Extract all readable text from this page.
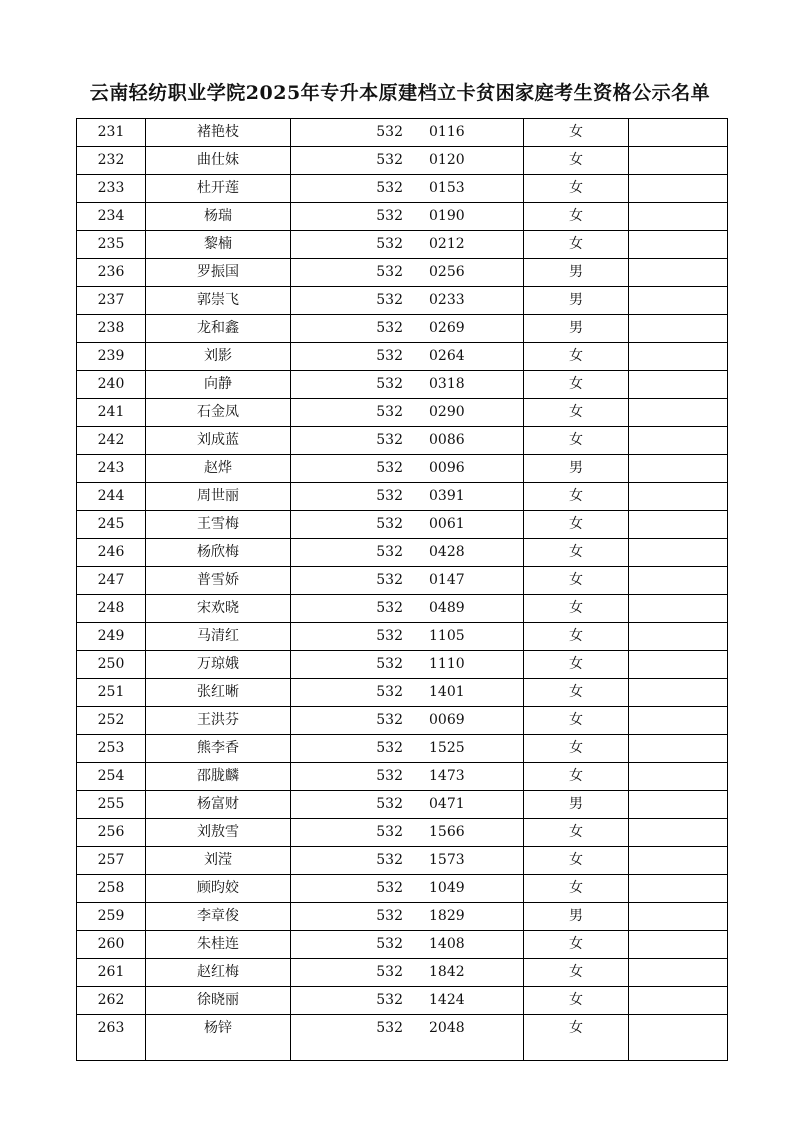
云南轻纺职业学院2025年专升本原建档立卡贫困家庭考生资格公示名单
231	褚艳枝	532 0116	女
232	曲仕妹	532 0120	女
233	杜开莲	532 0153	女
234	杨瑞	532 0190	女
235	黎楠	532 0212	女
236	罗振国	532 0256	男
237	郭崇飞	532 0233	男
238	龙和鑫	532 0269	男
239	刘影	532 0264	女
240	向静	532 0318	女
241	石金凤	532 0290	女
242	刘成蓝	532 0086	女
243	赵烨	532 0096	男
244	周世丽	532 0391	女
245	王雪梅	532 0061	女
246	杨欣梅	532 0428	女
247	普雪娇	532 0147	女
248	宋欢晓	532 0489	女
249	马清红	532 1105	女
250	万琼娥	532 1110	女
251	张红晰	532 1401	女
252	王洪芬	532 0069	女
253	熊李香	532 1525	女
254	邵胧麟	532 1473	女
255	杨富财	532 0471	男
256	刘敖雪	532 1566	女
257	刘滢	532 1573	女
258	顾昀姣	532 1049	女
259	李章俊	532 1829	男
260	朱桂连	532 1408	女
261	赵红梅	532 1842	女
262	徐晓丽	532 1424	女
263	杨锌	532 2048	女
